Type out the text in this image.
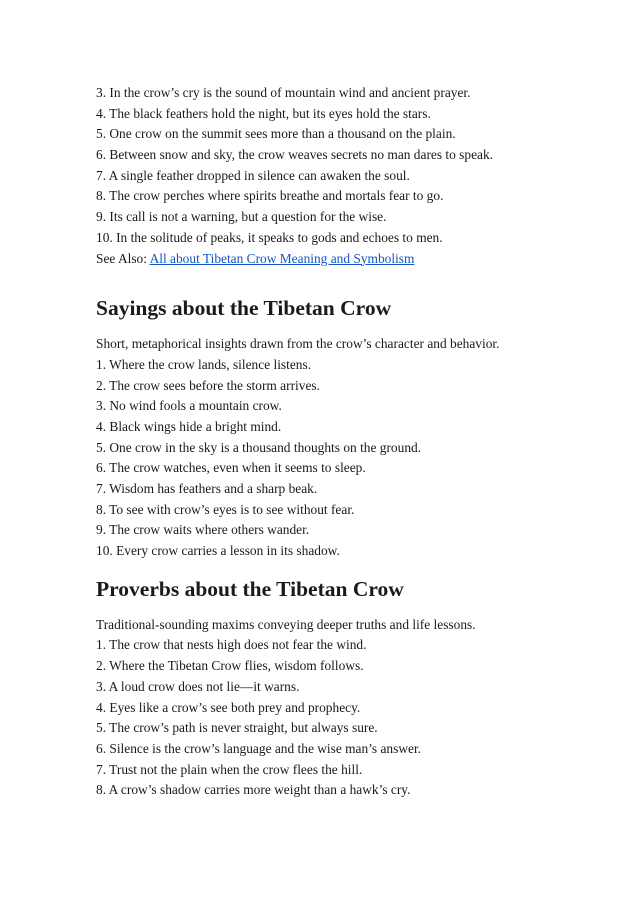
3. In the crow’s cry is the sound of mountain wind and ancient prayer.
4. The black feathers hold the night, but its eyes hold the stars.
5. One crow on the summit sees more than a thousand on the plain.
6. Between snow and sky, the crow weaves secrets no man dares to speak.
7. A single feather dropped in silence can awaken the soul.
8. The crow perches where spirits breathe and mortals fear to go.
9. Its call is not a warning, but a question for the wise.
10. In the solitude of peaks, it speaks to gods and echoes to men.
See Also: All about Tibetan Crow Meaning and Symbolism
Sayings about the Tibetan Crow
Short, metaphorical insights drawn from the crow’s character and behavior.
1. Where the crow lands, silence listens.
2. The crow sees before the storm arrives.
3. No wind fools a mountain crow.
4. Black wings hide a bright mind.
5. One crow in the sky is a thousand thoughts on the ground.
6. The crow watches, even when it seems to sleep.
7. Wisdom has feathers and a sharp beak.
8. To see with crow’s eyes is to see without fear.
9. The crow waits where others wander.
10. Every crow carries a lesson in its shadow.
Proverbs about the Tibetan Crow
Traditional-sounding maxims conveying deeper truths and life lessons.
1. The crow that nests high does not fear the wind.
2. Where the Tibetan Crow flies, wisdom follows.
3. A loud crow does not lie—it warns.
4. Eyes like a crow’s see both prey and prophecy.
5. The crow’s path is never straight, but always sure.
6. Silence is the crow’s language and the wise man’s answer.
7. Trust not the plain when the crow flees the hill.
8. A crow’s shadow carries more weight than a hawk’s cry.
